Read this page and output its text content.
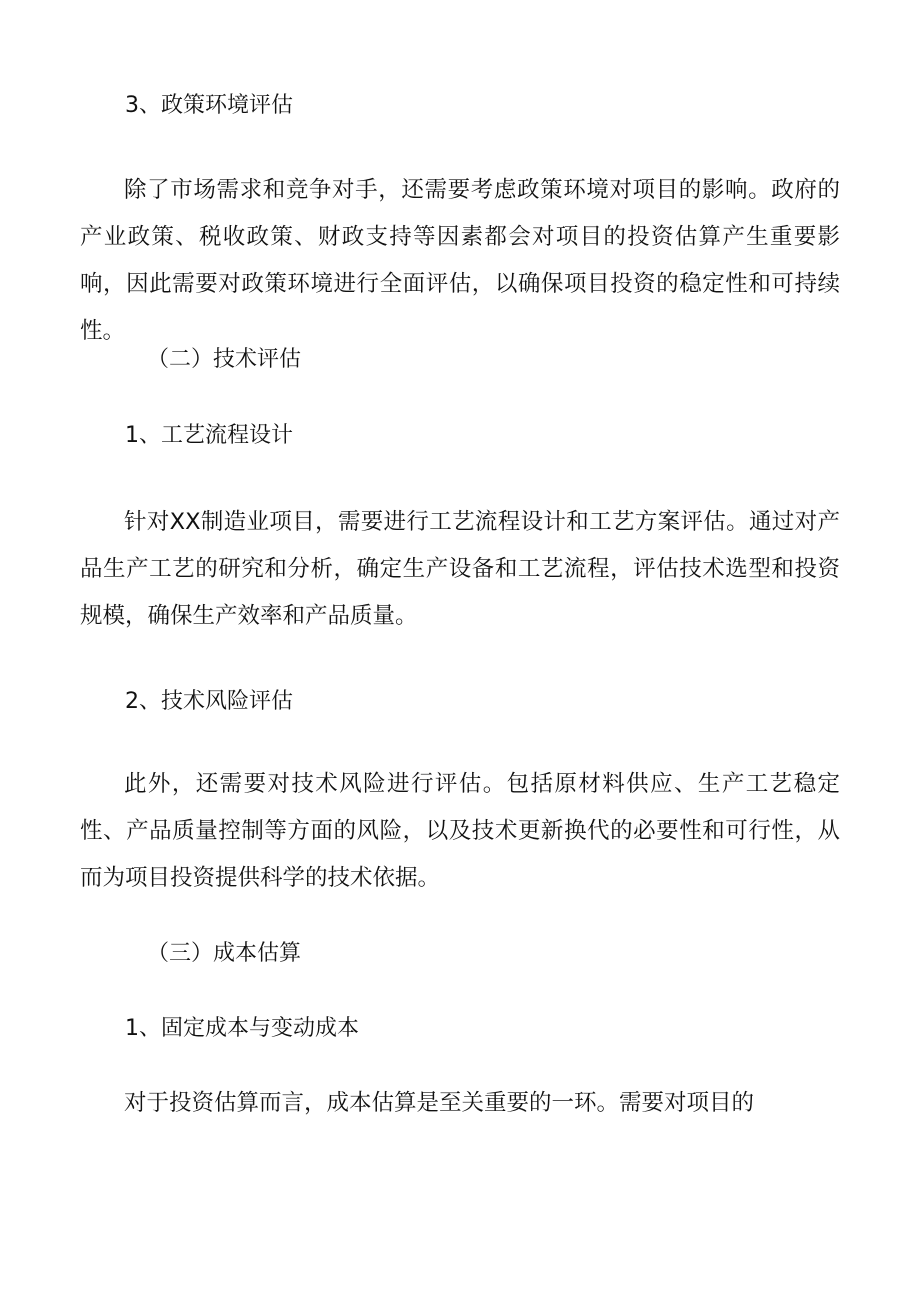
3、政策环境评估
除了市场需求和竞争对手，还需要考虑政策环境对项目的影响。政府的产业政策、税收政策、财政支持等因素都会对项目的投资估算产生重要影响，因此需要对政策环境进行全面评估，以确保项目投资的稳定性和可持续性。
（二）技术评估
1、工艺流程设计
针对XX制造业项目，需要进行工艺流程设计和工艺方案评估。通过对产品生产工艺的研究和分析，确定生产设备和工艺流程，评估技术选型和投资规模，确保生产效率和产品质量。
2、技术风险评估
此外，还需要对技术风险进行评估。包括原材料供应、生产工艺稳定性、产品质量控制等方面的风险，以及技术更新换代的必要性和可行性，从而为项目投资提供科学的技术依据。
（三）成本估算
1、固定成本与变动成本
对于投资估算而言，成本估算是至关重要的一环。需要对项目的
